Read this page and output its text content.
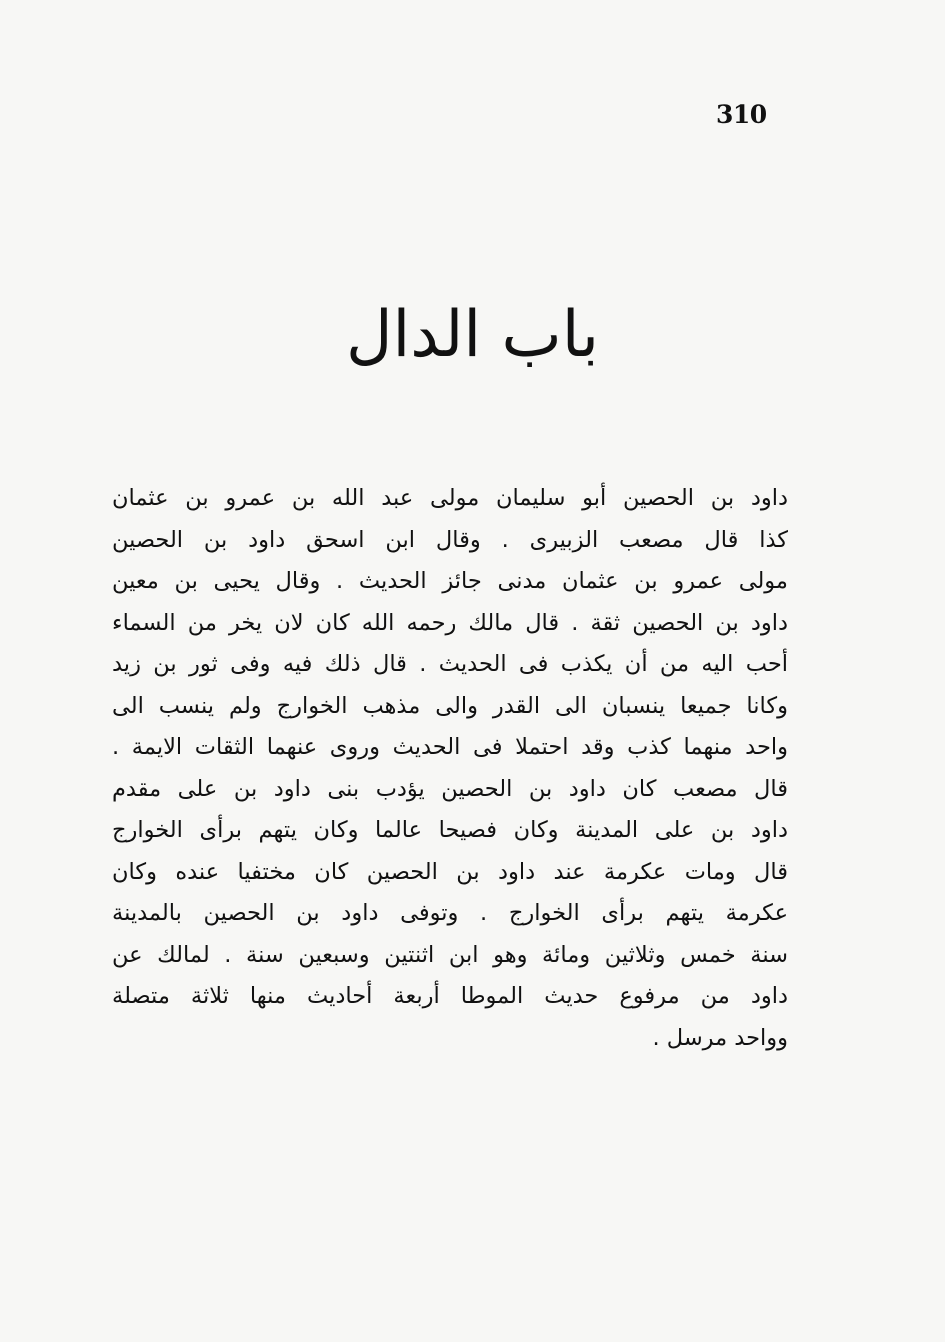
310
باب الدال
داود بن الحصين أبو سليمان مولى عبد الله بن عمرو بن عثمان
كذا قال مصعب الزبيرى . وقال ابن اسحق داود بن الحصين
مولى عمرو بن عثمان مدنى جائز الحديث . وقال يحيى بن معين
داود بن الحصين ثقة . قال مالك رحمه الله كان لان يخر من السماء
أحب اليه من أن يكذب فى الحديث . قال ذلك فيه وفى ثور بن زيد
وكانا جميعا ينسبان الى القدر والى مذهب الخوارج ولم ينسب الى
واحد منهما كذب وقد احتملا فى الحديث وروى عنهما الثقات الايمة .
قال مصعب كان داود بن الحصين يؤدب بنى داود بن على مقدم
داود بن على المدينة وكان فصيحا عالما وكان يتهم برأى الخوارج
قال ومات عكرمة عند داود بن الحصين كان مختفيا عنده وكان
عكرمة يتهم برأى الخوارج . وتوفى داود بن الحصين بالمدينة
سنة خمس وثلاثين ومائة وهو ابن اثنتين وسبعين سنة . لمالك عن
داود من مرفوع حديث الموطا أربعة أحاديث منها ثلاثة متصلة
وواحد مرسل .
